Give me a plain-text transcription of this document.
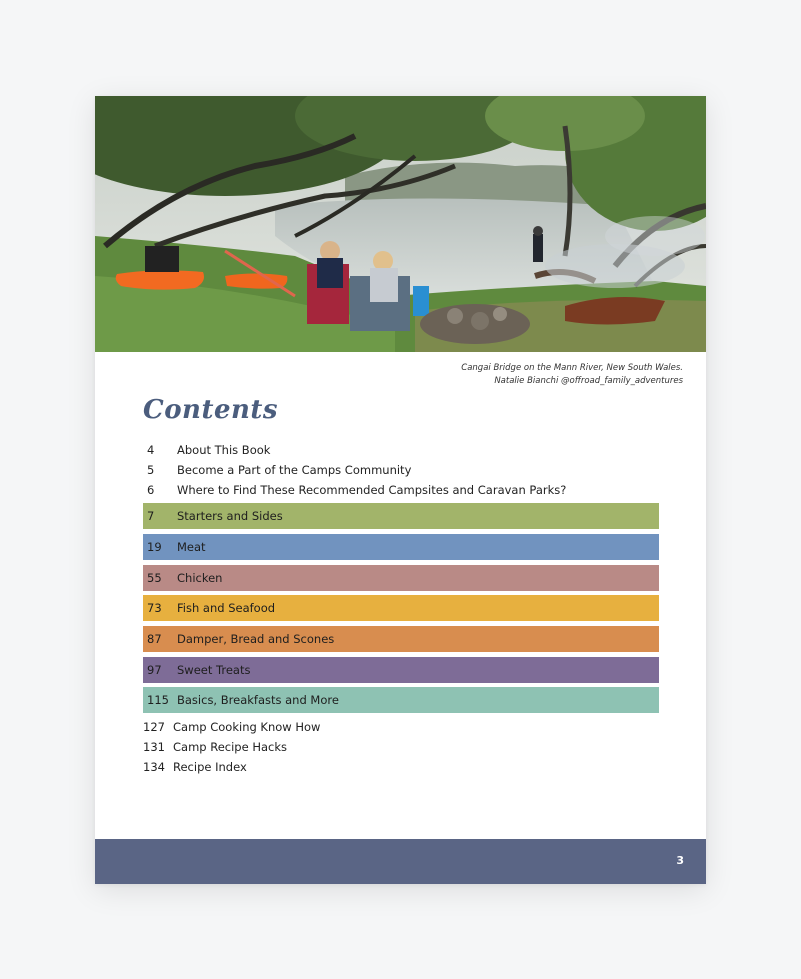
Cangai Bridge on the Mann River, New South Wales.
Natalie Bianchi @offroad_family_adventures
Contents
4 About This Book
5 Become a Part of the Camps Community
6 Where to Find These Recommended Campsites and Caravan Parks?
7 Starters and Sides
19 Meat
55 Chicken
73 Fish and Seafood
87 Damper, Bread and Scones
97 Sweet Treats
115 Basics, Breakfasts and More
127 Camp Cooking Know How
131 Camp Recipe Hacks
134 Recipe Index
3
